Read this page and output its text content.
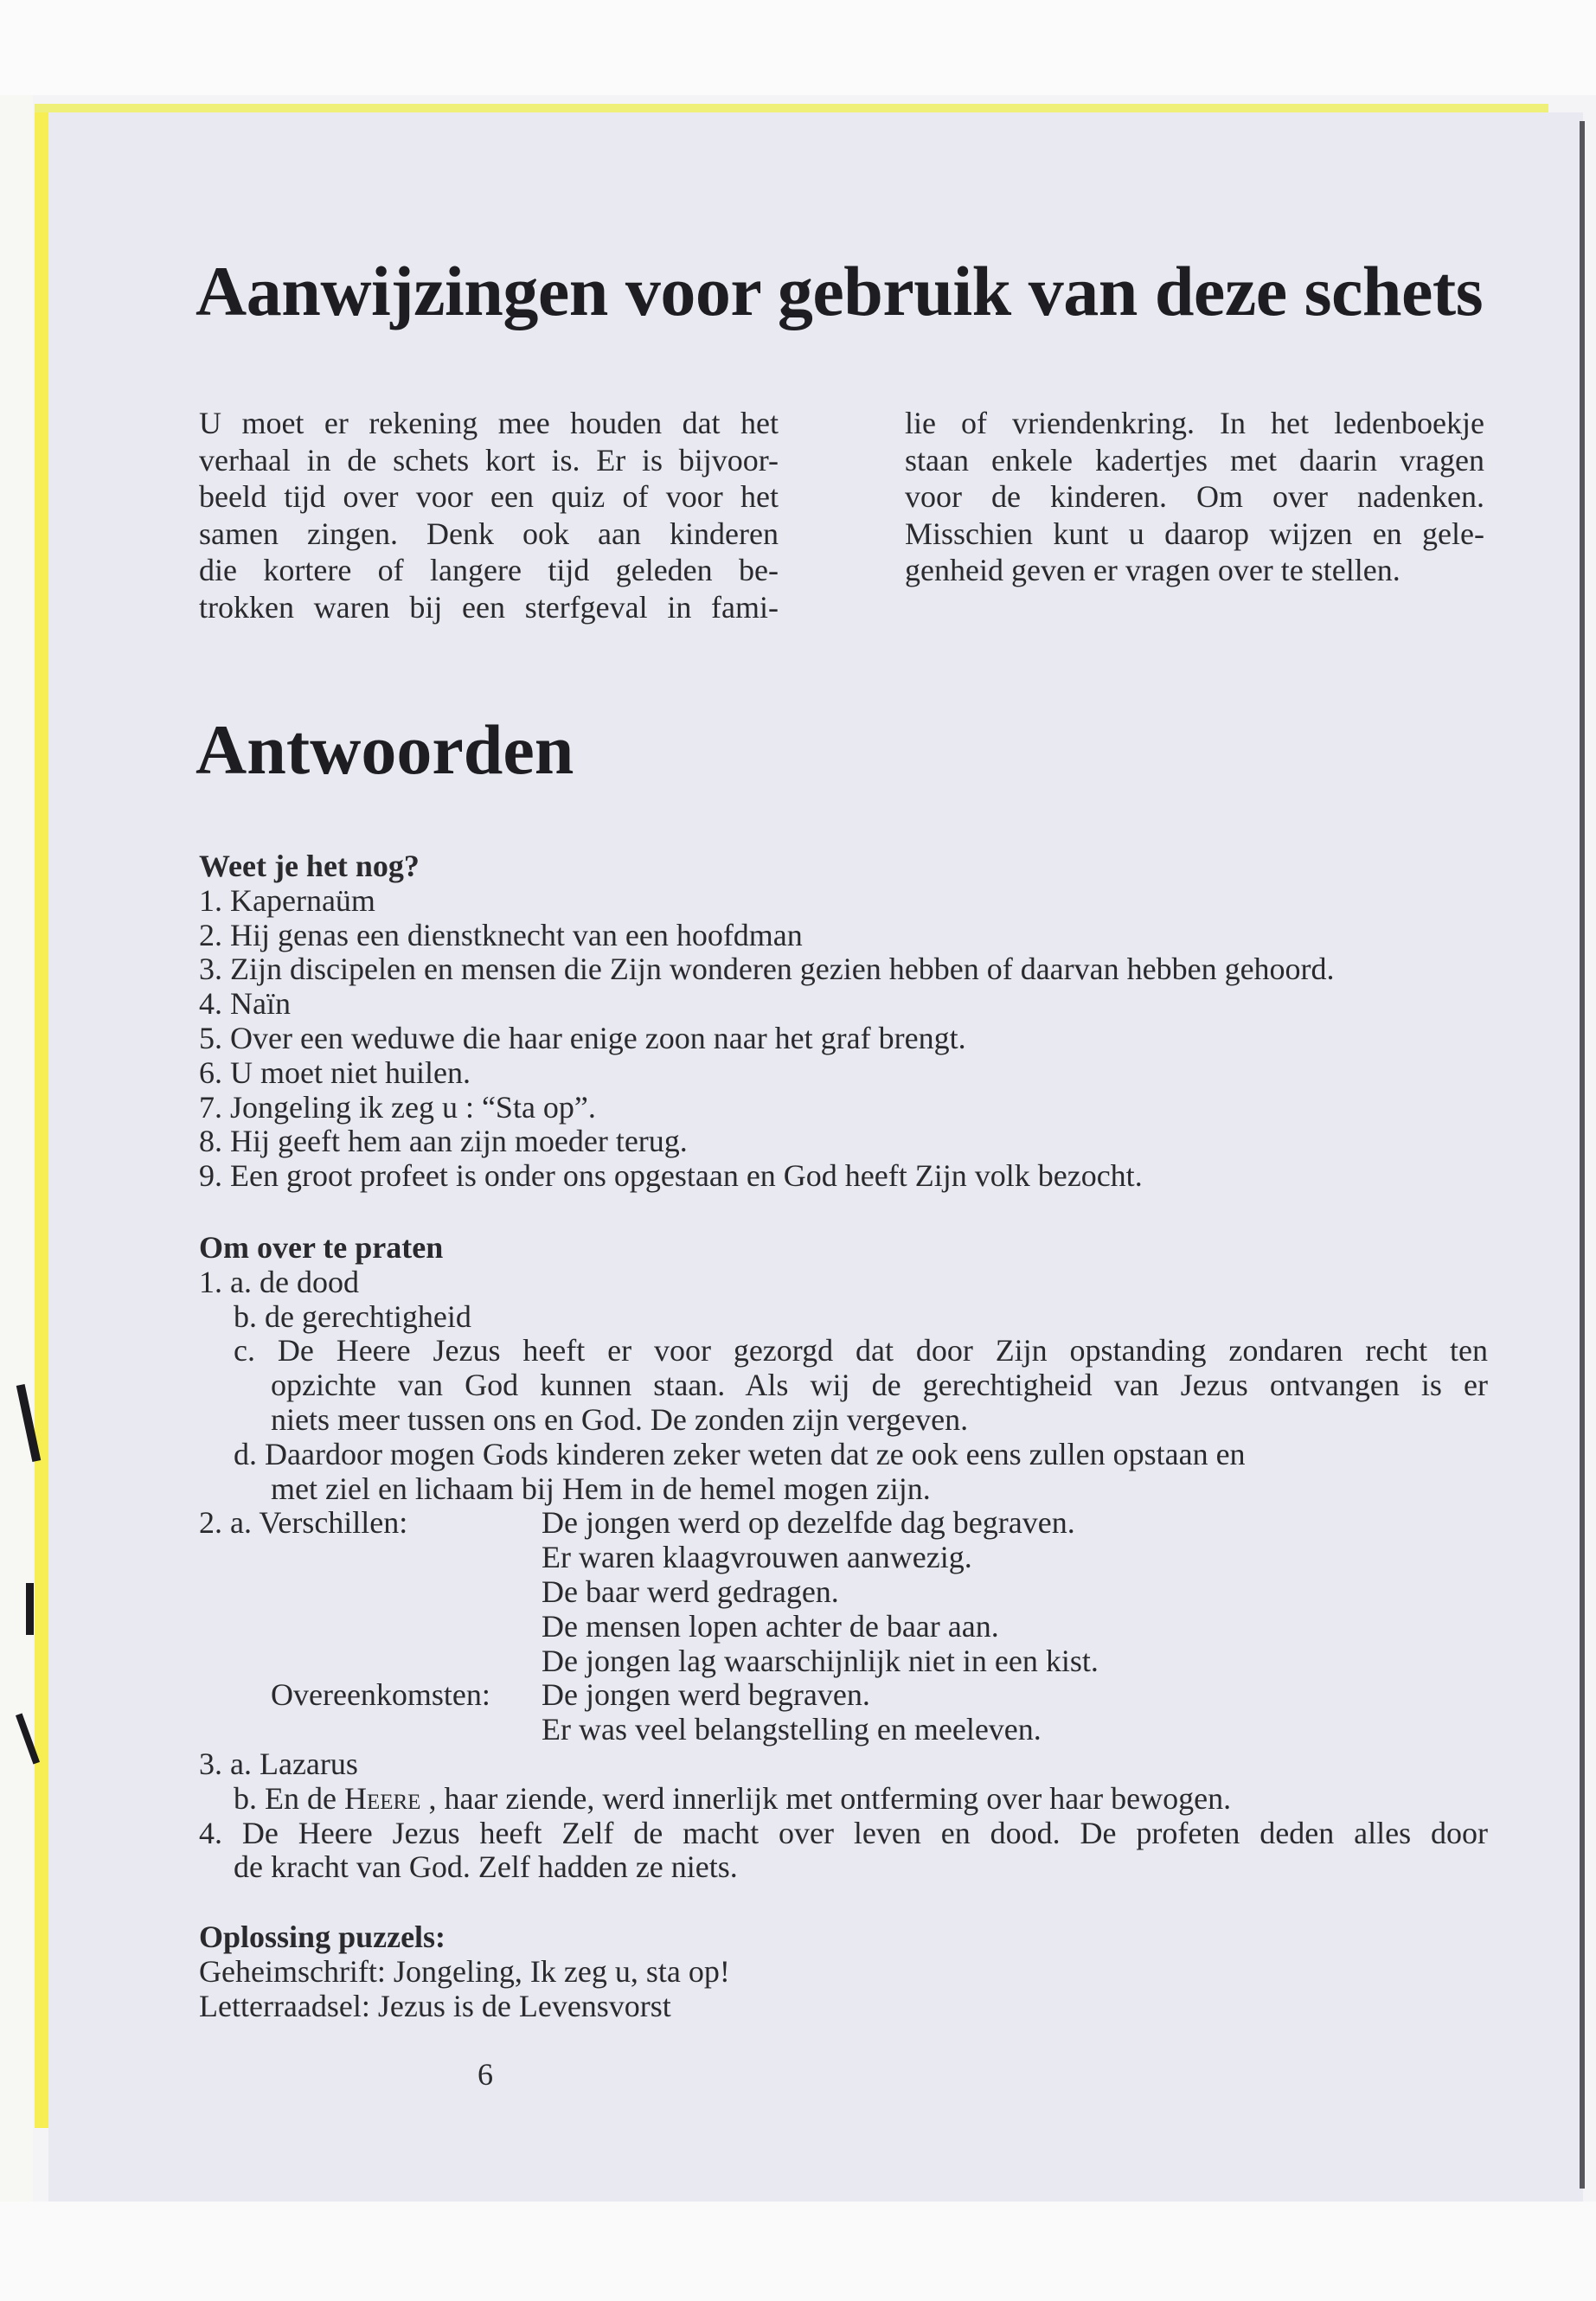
Aanwijzingen voor gebruik van deze schets
U moet er rekening mee houden dat het
verhaal in de schets kort is. Er is bijvoor-
beeld tijd over voor een quiz of voor het
samen zingen. Denk ook aan kinderen
die kortere of langere tijd geleden be-
trokken waren bij een sterfgeval in fami-
lie of vriendenkring. In het ledenboekje
staan enkele kadertjes met daarin vragen
voor de kinderen. Om over nadenken.
Misschien kunt u daarop wijzen en gele-
genheid geven er vragen over te stellen.
Antwoorden
Weet je het nog?
1. Kapernaüm
2. Hij genas een dienstknecht van een hoofdman
3. Zijn discipelen en mensen die Zijn wonderen gezien hebben of daarvan hebben gehoord.
4. Naïn
5. Over een weduwe die haar enige zoon naar het graf brengt.
6. U moet niet huilen.
7. Jongeling ik zeg u : “Sta op”.
8. Hij geeft hem aan zijn moeder terug.
9. Een groot profeet is onder ons opgestaan en God heeft Zijn volk bezocht.
Om over te praten
1. a. de dood
b. de gerechtigheid
c. De Heere Jezus heeft er voor gezorgd dat door Zijn opstanding zondaren recht ten
opzichte van God kunnen staan. Als wij de gerechtigheid van Jezus ontvangen is er
niets meer tussen ons en God. De zonden zijn vergeven.
d. Daardoor mogen Gods kinderen zeker weten dat ze ook eens zullen opstaan en
met ziel en lichaam bij Hem in de hemel mogen zijn.
2. a. Verschillen:	De jongen werd op dezelfde dag begraven.
Er waren klaagvrouwen aanwezig.
De baar werd gedragen.
De mensen lopen achter de baar aan.
De jongen lag waarschijnlijk niet in een kist.
Overeenkomsten: De jongen werd begraven.
Er was veel belangstelling en meeleven.
3. a. Lazarus
b. En de Heere , haar ziende, werd innerlijk met ontferming over haar bewogen.
4. De Heere Jezus heeft Zelf de macht over leven en dood. De profeten deden alles door
de kracht van God. Zelf hadden ze niets.
Oplossing puzzels:
Geheimschrift: Jongeling, Ik zeg u, sta op!
Letterraadsel: Jezus is de Levensvorst
6
